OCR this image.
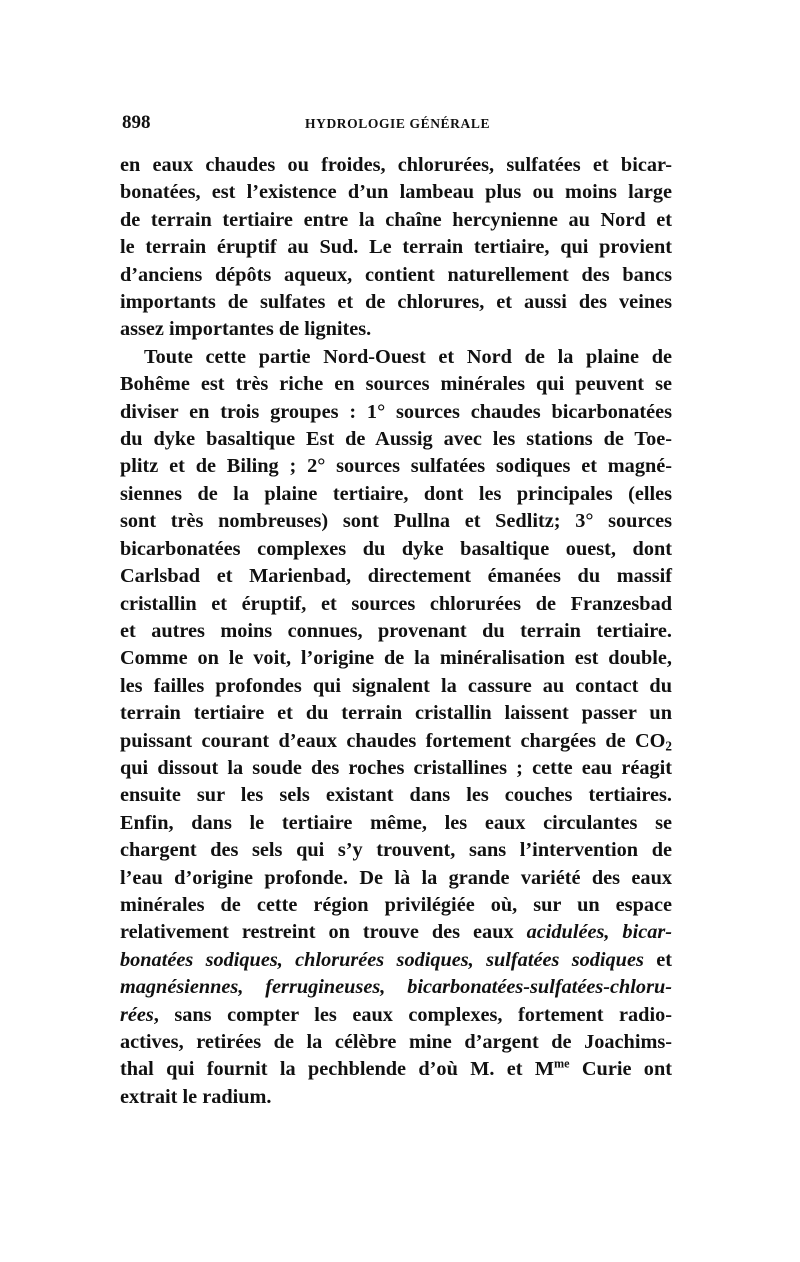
898	HYDROLOGIE GÉNÉRALE
en eaux chaudes ou froides, chlorurées, sulfatées et bicar-
bonatées, est l’existence d’un lambeau plus ou moins large
de terrain tertiaire entre la chaîne hercynienne au Nord et
le terrain éruptif au Sud. Le terrain tertiaire, qui provient
d’anciens dépôts aqueux, contient naturellement des bancs
importants de sulfates et de chlorures, et aussi des veines
assez importantes de lignites.
Toute cette partie Nord-Ouest et Nord de la plaine de
Bohême est très riche en sources minérales qui peuvent se
diviser en trois groupes : 1° sources chaudes bicarbonatées
du dyke basaltique Est de Aussig avec les stations de Toe-
plitz et de Biling ; 2° sources sulfatées sodiques et magné-
siennes de la plaine tertiaire, dont les principales (elles
sont très nombreuses) sont Pullna et Sedlitz; 3° sources
bicarbonatées complexes du dyke basaltique ouest, dont
Carlsbad et Marienbad, directement émanées du massif
cristallin et éruptif, et sources chlorurées de Franzesbad
et autres moins connues, provenant du terrain tertiaire.
Comme on le voit, l’origine de la minéralisation est double,
les failles profondes qui signalent la cassure au contact du
terrain tertiaire et du terrain cristallin laissent passer un
puissant courant d’eaux chaudes fortement chargées de $CO_2$
qui dissout la soude des roches cristallines ; cette eau réagit
ensuite sur les sels existant dans les couches tertiaires.
Enfin, dans le tertiaire même, les eaux circulantes se
chargent des sels qui s’y trouvent, sans l’intervention de
l’eau d’origine profonde. De là la grande variété des eaux
minérales de cette région privilégiée où, sur un espace
relativement restreint on trouve des eaux acidulées, bicar-
bonatées sodiques, chlorurées sodiques, sulfatées sodiques et
magnésiennes, ferrugineuses, bicarbonatées-sulfatées-chloru-
rées, sans compter les eaux complexes, fortement radio-
actives, retirées de la célèbre mine d’argent de Joachims-
thal qui fournit la pechblende d’où M. et $M^{me}$ Curie ont
extrait le radium.
